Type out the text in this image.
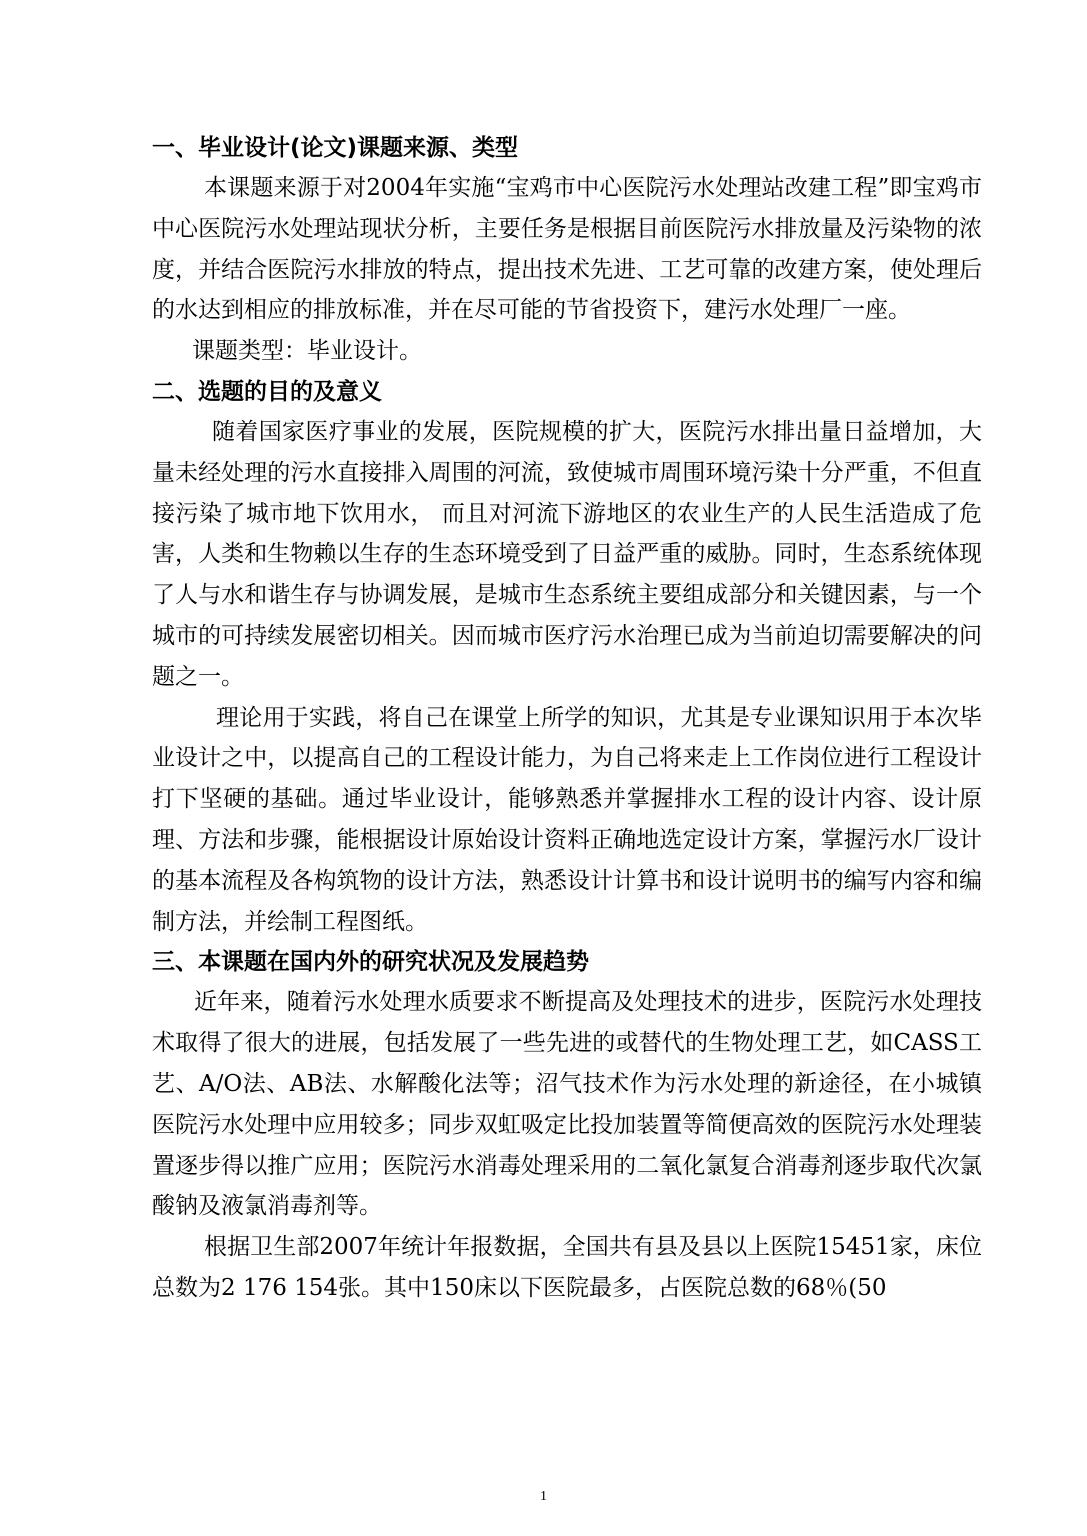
一、毕业设计(论文)课题来源、类型

本课题来源于对2004年实施“宝鸡市中心医院污水处理站改建工程”即宝鸡市中心医院污水处理站现状分析，主要任务是根据目前医院污水排放量及污染物的浓度，并结合医院污水排放的特点，提出技术先进、工艺可靠的改建方案，使处理后的水达到相应的排放标准，并在尽可能的节省投资下，建污水处理厂一座。

课题类型：毕业设计。

二、选题的目的及意义

随着国家医疗事业的发展，医院规模的扩大，医院污水排出量日益增加，大量未经处理的污水直接排入周围的河流，致使城市周围环境污染十分严重，不但直接污染了城市地下饮用水， 而且对河流下游地区的农业生产的人民生活造成了危害，人类和生物赖以生存的生态环境受到了日益严重的威胁。同时，生态系统体现了人与水和谐生存与协调发展，是城市生态系统主要组成部分和关键因素，与一个城市的可持续发展密切相关。因而城市医疗污水治理已成为当前迫切需要解决的问题之一。

理论用于实践，将自己在课堂上所学的知识，尤其是专业课知识用于本次毕业设计之中，以提高自己的工程设计能力，为自己将来走上工作岗位进行工程设计打下坚硬的基础。通过毕业设计，能够熟悉并掌握排水工程的设计内容、设计原理、方法和步骤，能根据设计原始设计资料正确地选定设计方案，掌握污水厂设计的基本流程及各构筑物的设计方法，熟悉设计计算书和设计说明书的编写内容和编制方法，并绘制工程图纸。

三、本课题在国内外的研究状况及发展趋势

近年来，随着污水处理水质要求不断提高及处理技术的进步，医院污水处理技术取得了很大的进展，包括发展了一些先进的或替代的生物处理工艺，如CASS工艺、A/O法、AB法、水解酸化法等；沼气技术作为污水处理的新途径，在小城镇医院污水处理中应用较多；同步双虹吸定比投加装置等简便高效的医院污水处理装置逐步得以推广应用；医院污水消毒处理采用的二氧化氯复合消毒剂逐步取代次氯酸钠及液氯消毒剂等。

根据卫生部2007年统计年报数据，全国共有县及县以上医院15451家，床位总数为2 176 154张。其中150床以下医院最多，占医院总数的68％(50

1
